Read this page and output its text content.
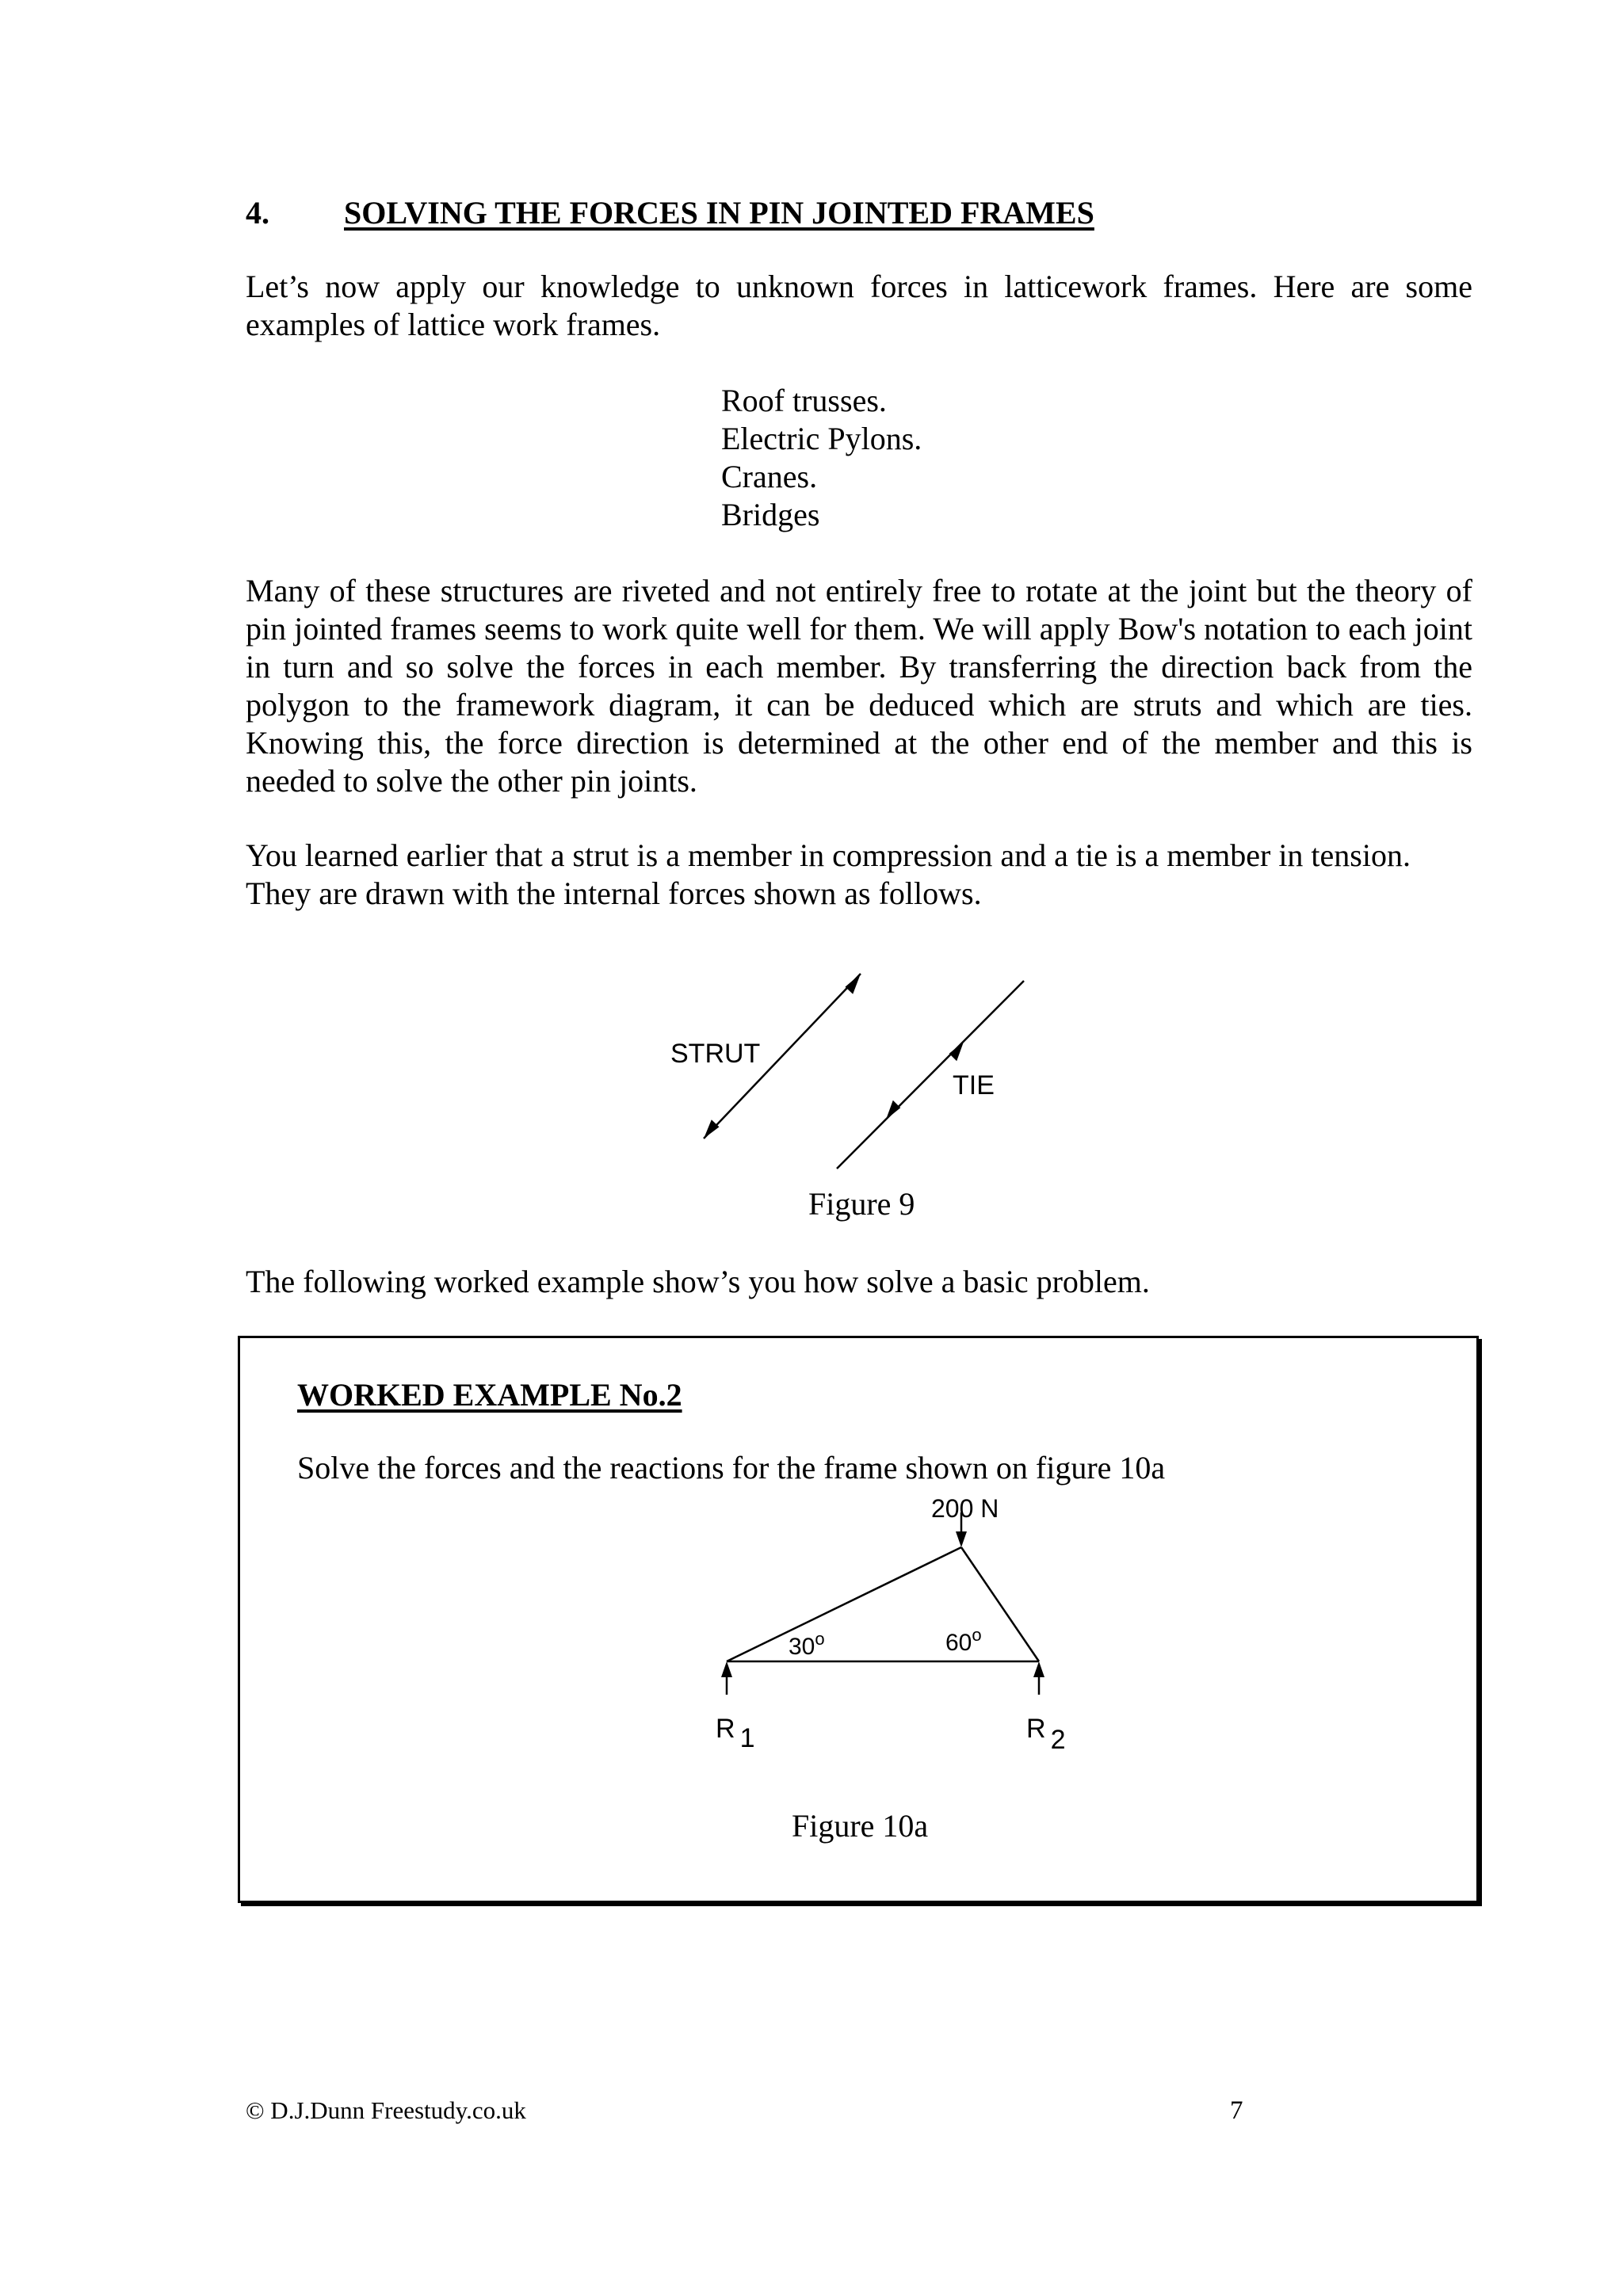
4. SOLVING THE FORCES IN PIN JOINTED FRAMES

Let’s now apply our knowledge to unknown forces in latticework frames. Here are some examples of lattice work frames.

Roof trusses.
Electric Pylons.
Cranes.
Bridges

Many of these structures are riveted and not entirely free to rotate at the joint but the theory of pin jointed frames seems to work quite well for them. We will apply Bow's notation to each joint in turn and so solve the forces in each member. By transferring the direction back from the polygon to the framework diagram, it can be deduced which are struts and which are ties. Knowing this, the force direction is determined at the other end of the member and this is needed to solve the other pin joints.

You learned earlier that a strut is a member in compression and a tie is a member in tension.

They are drawn with the internal forces shown as follows.

STRUT
TIE
Figure 9

The following worked example show’s you how solve a basic problem.

WORKED EXAMPLE No.2
Solve the forces and the reactions for the frame shown on figure 10a
30$^o$	60$^o$
R 1	R 2
200 N
Figure 10a
© D.J.Dunn Freestudy.co.uk	7
